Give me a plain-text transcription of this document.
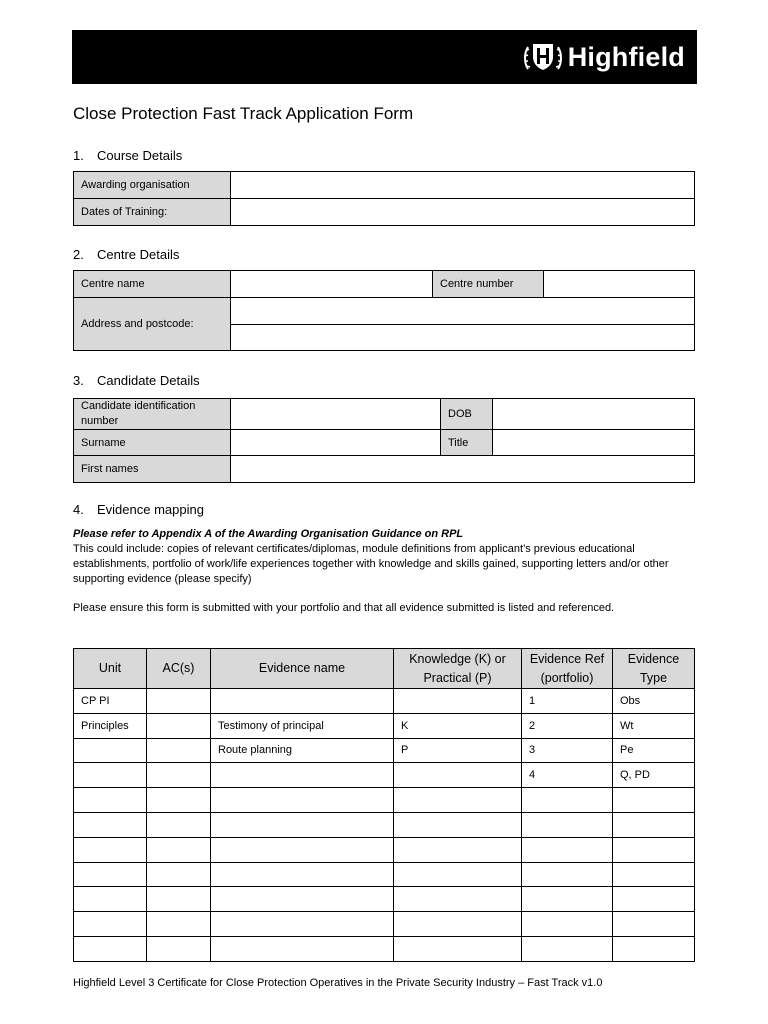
Highfield
Close Protection Fast Track Application Form
1. Course Details
Awarding organisation	
Dates of Training:	
2. Centre Details
Centre name		Centre number	
Address and postcode:			

3. Candidate Details
Candidate identification number		DOB	
Surname		Title	
First names			
4. Evidence mapping
Please refer to Appendix A of the Awarding Organisation Guidance on RPL
This could include: copies of relevant certificates/diplomas, module definitions from applicant’s previous educational establishments, portfolio of work/life experiences together with knowledge and skills gained, supporting letters and/or other supporting evidence (please specify)
Please ensure this form is submitted with your portfolio and that all evidence submitted is listed and referenced.
Unit	AC(s)	Evidence name	Knowledge (K) or Practical (P)	Evidence Ref (portfolio)	Evidence Type
CP PI				1	Obs
Principles		Testimony of principal	K	2	Wt
		Route planning	P	3	Pe
				4	Q, PD

Highfield Level 3 Certificate for Close Protection Operatives in the Private Security Industry – Fast Track v1.0
